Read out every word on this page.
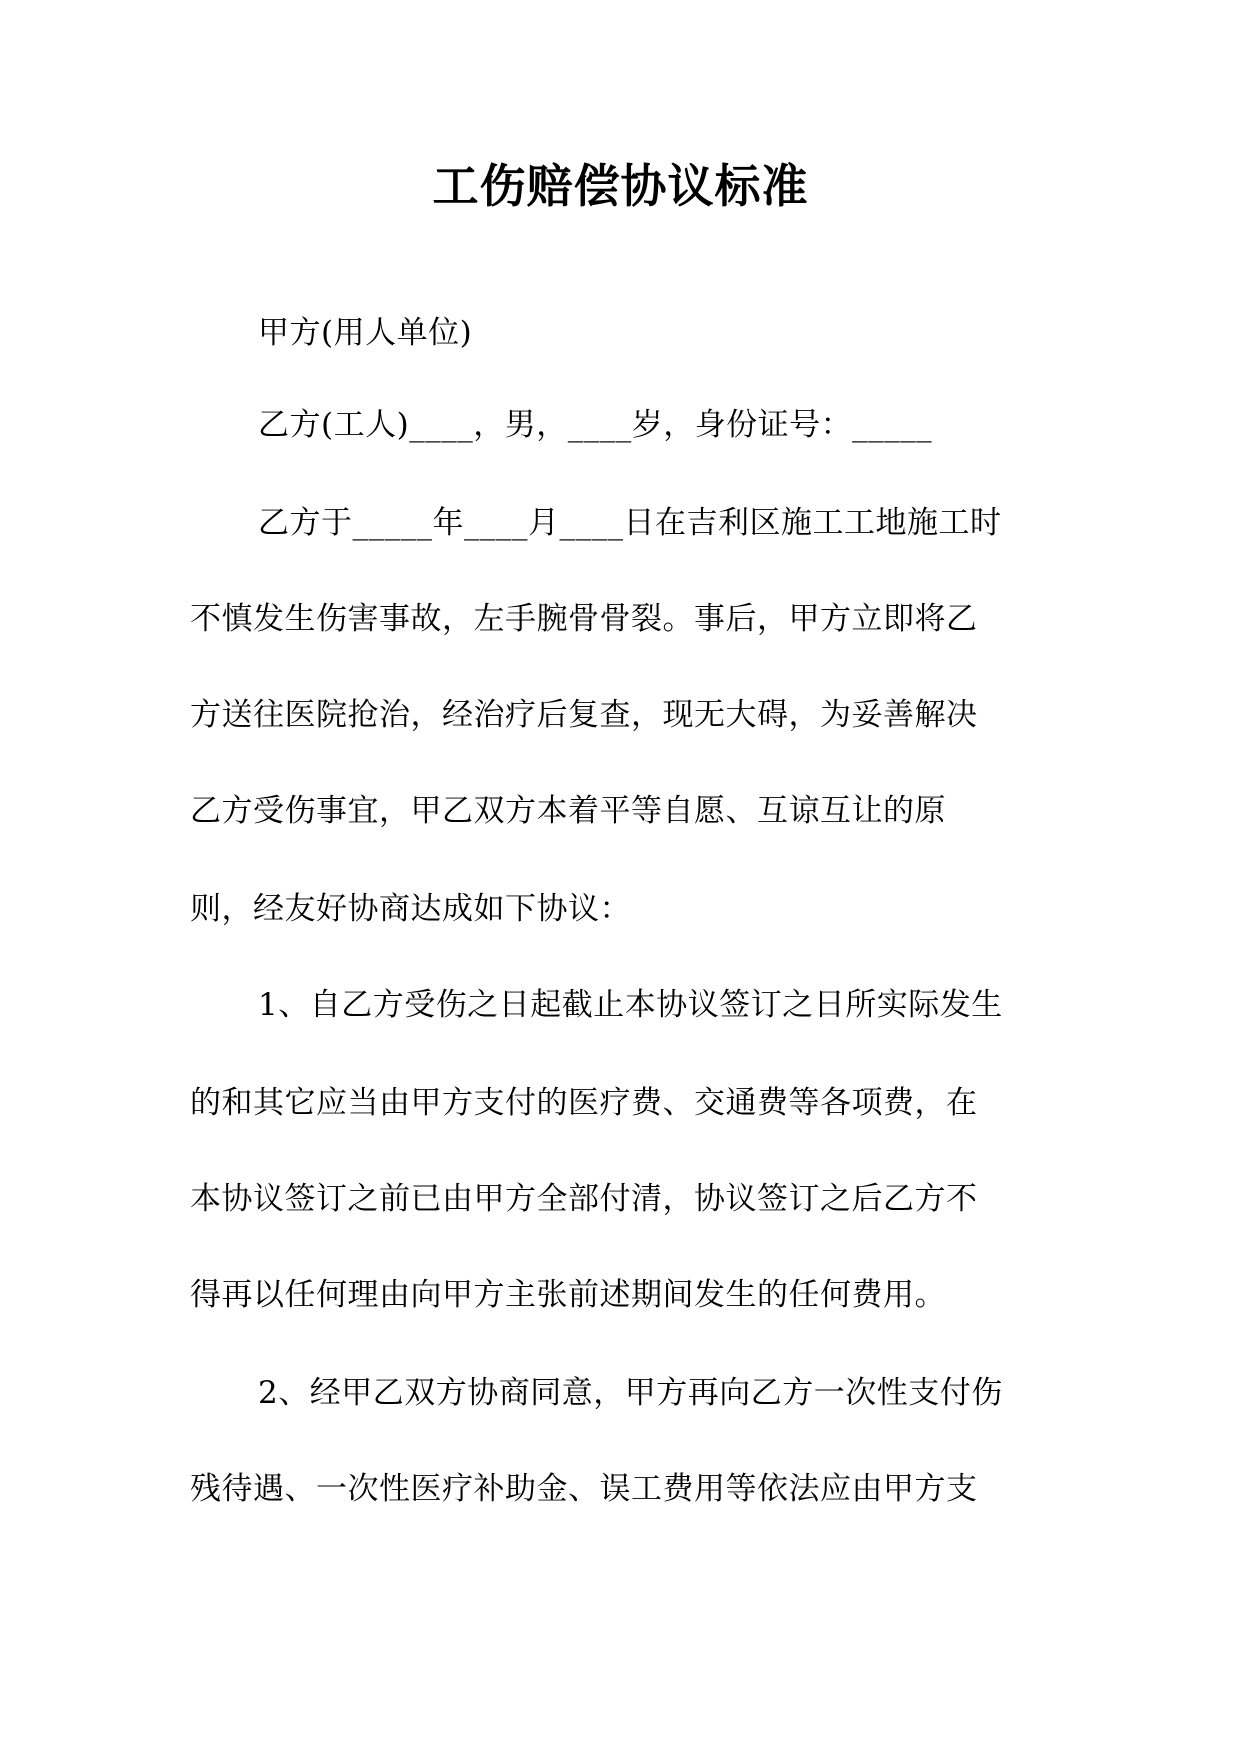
工伤赔偿协议标准
甲方(用人单位)
乙方(工人)____，男，____岁，身份证号：_____
乙方于_____年____月____日在吉利区施工工地施工时
不慎发生伤害事故，左手腕骨骨裂。事后，甲方立即将乙
方送往医院抢治，经治疗后复查，现无大碍，为妥善解决
乙方受伤事宜，甲乙双方本着平等自愿、互谅互让的原
则，经友好协商达成如下协议：
1、自乙方受伤之日起截止本协议签订之日所实际发生
的和其它应当由甲方支付的医疗费、交通费等各项费，在
本协议签订之前已由甲方全部付清，协议签订之后乙方不
得再以任何理由向甲方主张前述期间发生的任何费用。
2、经甲乙双方协商同意，甲方再向乙方一次性支付伤
残待遇、一次性医疗补助金、误工费用等依法应由甲方支
